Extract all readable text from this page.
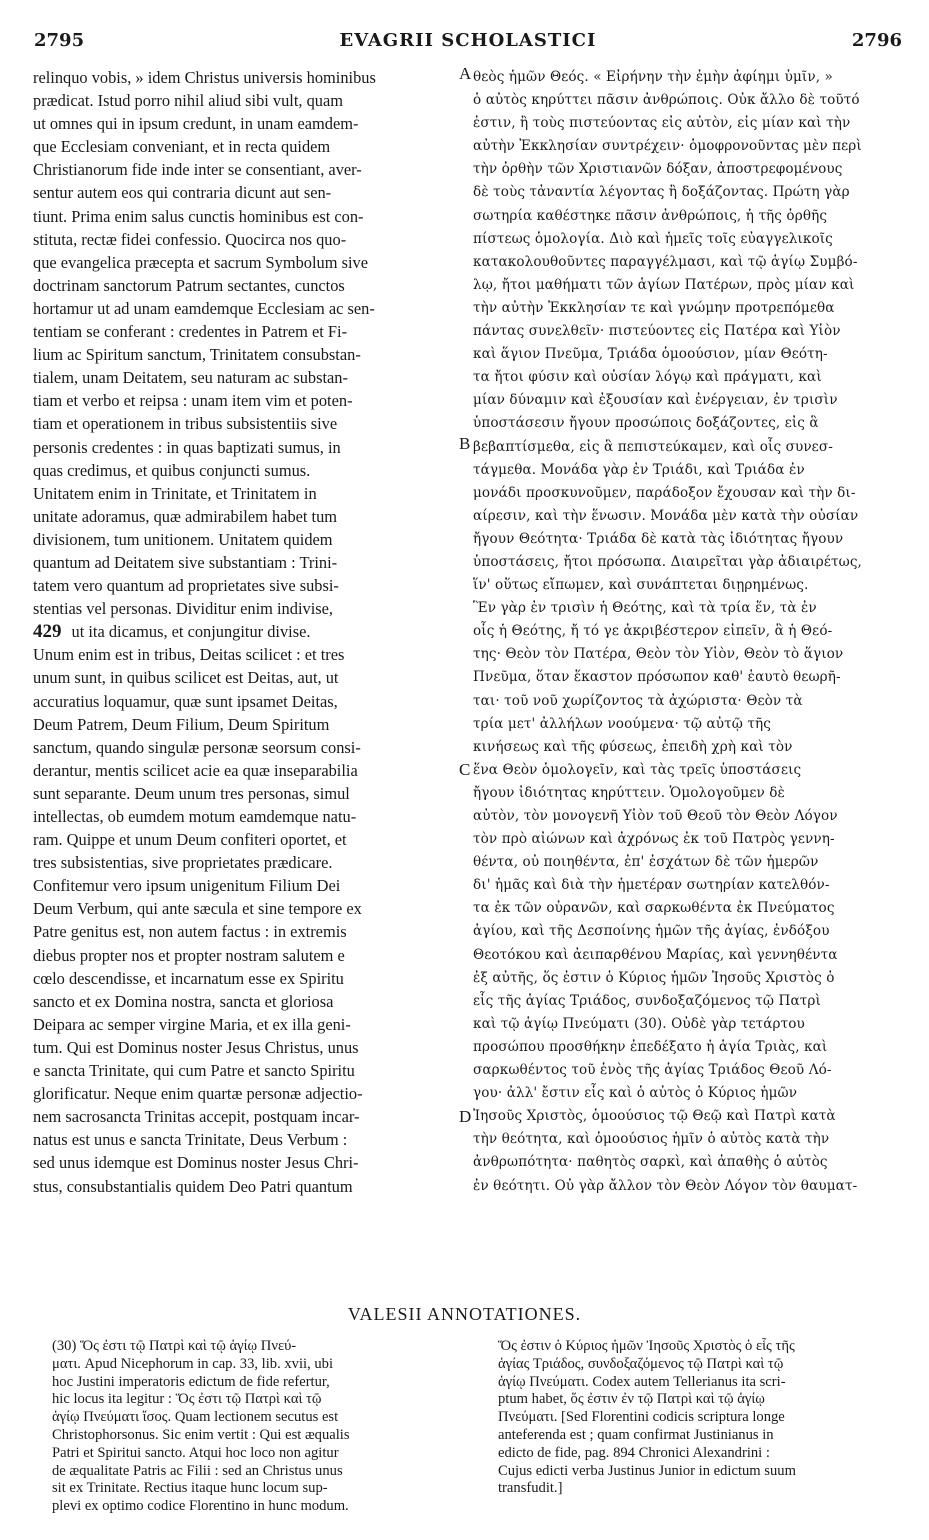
2795	EVAGRII SCHOLASTICI	2796
relinquo vobis, » idem Christus universis hominibus
prædicat. Istud porro nihil aliud sibi vult, quam
ut omnes qui in ipsum credunt, in unam eamdem-
que Ecclesiam conveniant, et in recta quidem
Christianorum fide inde inter se consentiant, aver-
sentur autem eos qui contraria dicunt aut sen-
tiunt. Prima enim salus cunctis hominibus est con-
stituta, rectæ fidei confessio. Quocirca nos quo-
que evangelica præcepta et sacrum Symbolum sive
doctrinam sanctorum Patrum sectantes, cunctos
hortamur ut ad unam eamdemque Ecclesiam ac sen-
tentiam se conferant : credentes in Patrem et Fi-
lium ac Spiritum sanctum, Trinitatem consubstan-
tialem, unam Deitatem, seu naturam ac substan-
tiam et verbo et reipsa : unam item vim et poten-
tiam et operationem in tribus subsistentiis sive
personis credentes : in quas baptizati sumus, in
quas credimus, et quibus conjuncti sumus.
Unitatem enim in Trinitate, et Trinitatem in
unitate adoramus, quæ admirabilem habet tum
divisionem, tum unitionem. Unitatem quidem
quantum ad Deitatem sive substantiam : Trini-
tatem vero quantum ad proprietates sive subsi-
stentias vel personas. Dividitur enim indivise,
429 ut ita dicamus, et conjungitur divise.
Unum enim est in tribus, Deitas scilicet : et tres
unum sunt, in quibus scilicet est Deitas, aut, ut
accuratius loquamur, quæ sunt ipsamet Deitas,
Deum Patrem, Deum Filium, Deum Spiritum
sanctum, quando singulæ personæ seorsum consi-
derantur, mentis scilicet acie ea quæ inseparabilia
sunt separante. Deum unum tres personas, simul
intellectas, ob eumdem motum eamdemque natu-
ram. Quippe et unum Deum confiteri oportet, et
tres subsistentias, sive proprietates prædicare.
Confitemur vero ipsum unigenitum Filium Dei
Deum Verbum, qui ante sæcula et sine tempore ex
Patre genitus est, non autem factus : in extremis
diebus propter nos et propter nostram salutem e
cœlo descendisse, et incarnatum esse ex Spiritu
sancto et ex Domina nostra, sancta et gloriosa
Deipara ac semper virgine Maria, et ex illa geni-
tum. Qui est Dominus noster Jesus Christus, unus
e sancta Trinitate, qui cum Patre et sancto Spiritu
glorificatur. Neque enim quartæ personæ adjectio-
nem sacrosancta Trinitas accepit, postquam incar-
natus est unus e sancta Trinitate, Deus Verbum :
sed unus idemque est Dominus noster Jesus Chri-
stus, consubstantialis quidem Deo Patri quantum
θεὸς ἡμῶν Θεός. « Εἰρήνην τὴν ἐμὴν ἀφίημι ὑμῖν, »
ὁ αὐτὸς κηρύττει πᾶσιν ἀνθρώποις. Οὐκ ἄλλο δὲ τοῦτό
ἐστιν, ἢ τοὺς πιστεύοντας εἰς αὐτὸν, εἰς μίαν καὶ τὴν
αὐτὴν Ἐκκλησίαν συντρέχειν· ὁμοφρονοῦντας μὲν περὶ
τὴν ὀρθὴν τῶν Χριστιανῶν δόξαν, ἀποστρεφομένους
δὲ τοὺς τἀναντία λέγοντας ἢ δοξάζοντας. Πρώτη γὰρ
σωτηρία καθέστηκε πᾶσιν ἀνθρώποις, ἡ τῆς ὀρθῆς
πίστεως ὁμολογία. Διὸ καὶ ἡμεῖς τοῖς εὐαγγελικοῖς
κατακολουθοῦντες παραγγέλμασι, καὶ τῷ ἁγίῳ Συμβό-
λῳ, ἤτοι μαθήματι τῶν ἁγίων Πατέρων, πρὸς μίαν καὶ
τὴν αὐτὴν Ἐκκλησίαν τε καὶ γνώμην προτρεπόμεθα
πάντας συνελθεῖν· πιστεύοντες εἰς Πατέρα καὶ Υἱὸν
καὶ ἅγιον Πνεῦμα, Τριάδα ὁμοούσιον, μίαν Θεότη-
τα ἤτοι φύσιν καὶ οὐσίαν λόγῳ καὶ πράγματι, καὶ
μίαν δύναμιν καὶ ἐξουσίαν καὶ ἐνέργειαν, ἐν τρισὶν
ὑποστάσεσιν ἤγουν προσώποις δοξάζοντες, εἰς ἃ
βεβαπτίσμεθα, εἰς ἃ πεπιστεύκαμεν, καὶ οἷς συνεσ-
τάγμεθα. Μονάδα γὰρ ἐν Τριάδι, καὶ Τριάδα ἐν
μονάδι προσκυνοῦμεν, παράδοξον ἔχουσαν καὶ τὴν δι-
αίρεσιν, καὶ τὴν ἕνωσιν. Μονάδα μὲν κατὰ τὴν οὐσίαν
ἤγουν Θεότητα· Τριάδα δὲ κατὰ τὰς ἰδιότητας ἤγουν
ὑποστάσεις, ἤτοι πρόσωπα. Διαιρεῖται γὰρ ἀδιαιρέτως,
ἵν' οὕτως εἴπωμεν, καὶ συνάπτεται διῃρημένως.
Ἓν γὰρ ἐν τρισὶν ἡ Θεότης, καὶ τὰ τρία ἕν, τὰ ἐν
οἷς ἡ Θεότης, ἤ τό γε ἀκριβέστερον εἰπεῖν, ἃ ἡ Θεό-
της· Θεὸν τὸν Πατέρα, Θεὸν τὸν Υἱὸν, Θεὸν τὸ ἅγιον
Πνεῦμα, ὅταν ἕκαστον πρόσωπον καθ' ἑαυτὸ θεωρῆ-
ται· τοῦ νοῦ χωρίζοντος τὰ ἀχώριστα· Θεὸν τὰ
τρία μετ' ἀλλήλων νοούμενα· τῷ αὐτῷ τῆς
κινήσεως καὶ τῆς φύσεως, ἐπειδὴ χρὴ καὶ τὸν
ἕνα Θεὸν ὁμολογεῖν, καὶ τὰς τρεῖς ὑποστάσεις
ἤγουν ἰδιότητας κηρύττειν. Ὁμολογοῦμεν δὲ
αὐτὸν, τὸν μονογενῆ Υἱὸν τοῦ Θεοῦ τὸν Θεὸν Λόγον
τὸν πρὸ αἰώνων καὶ ἀχρόνως ἐκ τοῦ Πατρὸς γεννη-
θέντα, οὐ ποιηθέντα, ἐπ' ἐσχάτων δὲ τῶν ἡμερῶν
δι' ἡμᾶς καὶ διὰ τὴν ἡμετέραν σωτηρίαν κατελθόν-
τα ἐκ τῶν οὐρανῶν, καὶ σαρκωθέντα ἐκ Πνεύματος
ἁγίου, καὶ τῆς Δεσποίνης ἡμῶν τῆς ἁγίας, ἐνδόξου
Θεοτόκου καὶ ἀειπαρθένου Μαρίας, καὶ γεννηθέντα
ἐξ αὐτῆς, ὅς ἐστιν ὁ Κύριος ἡμῶν Ἰησοῦς Χριστὸς ὁ
εἷς τῆς ἁγίας Τριάδος, συνδοξαζόμενος τῷ Πατρὶ
καὶ τῷ ἁγίῳ Πνεύματι (30). Οὐδὲ γὰρ τετάρτου
προσώπου προσθήκην ἐπεδέξατο ἡ ἁγία Τριὰς, καὶ
σαρκωθέντος τοῦ ἑνὸς τῆς ἁγίας Τριάδος Θεοῦ Λό-
γου· ἀλλ' ἔστιν εἷς καὶ ὁ αὐτὸς ὁ Κύριος ἡμῶν
Ἰησοῦς Χριστὸς, ὁμοούσιος τῷ Θεῷ καὶ Πατρὶ κατὰ
τὴν θεότητα, καὶ ὁμοούσιος ἡμῖν ὁ αὐτὸς κατὰ τὴν
ἀνθρωπότητα· παθητὸς σαρκὶ, καὶ ἀπαθὴς ὁ αὐτὸς
ἐν θεότητι. Οὐ γὰρ ἄλλον τὸν Θεὸν Λόγον τὸν θαυματ-
A
B
C
D
VALESII ANNOTATIONES.
(30) Ὅς ἐστι τῷ Πατρὶ καὶ τῷ ἁγίῳ Πνεύ-
ματι. Apud Nicephorum in cap. 33, lib. xvii, ubi
hoc Justini imperatoris edictum de fide refertur,
hic locus ita legitur : Ὅς ἐστι τῷ Πατρὶ καὶ τῷ
ἁγίῳ Πνεύματι ἴσος. Quam lectionem secutus est
Christophorsonus. Sic enim vertit : Qui est æqualis
Patri et Spiritui sancto. Atqui hoc loco non agitur
de æqualitate Patris ac Filii : sed an Christus unus
sit ex Trinitate. Rectius itaque hunc locum sup-
plevi ex optimo codice Florentino in hunc modum.
Ὅς ἐστιν ὁ Κύριος ἡμῶν Ἰησοῦς Χριστὸς ὁ εἷς τῆς
ἁγίας Τριάδος, συνδοξαζόμενος τῷ Πατρὶ καὶ τῷ
ἁγίῳ Πνεύματι. Codex autem Tellerianus ita scri-
ptum habet, ὅς ἐστιν ἐν τῷ Πατρὶ καὶ τῷ ἁγίῳ
Πνεύματι. [Sed Florentini codicis scriptura longe
anteferenda est ; quam confirmat Justinianus in
edicto de fide, pag. 894 Chronici Alexandrini :
Cujus edicti verba Justinus Junior in edictum suum
transfudit.]
